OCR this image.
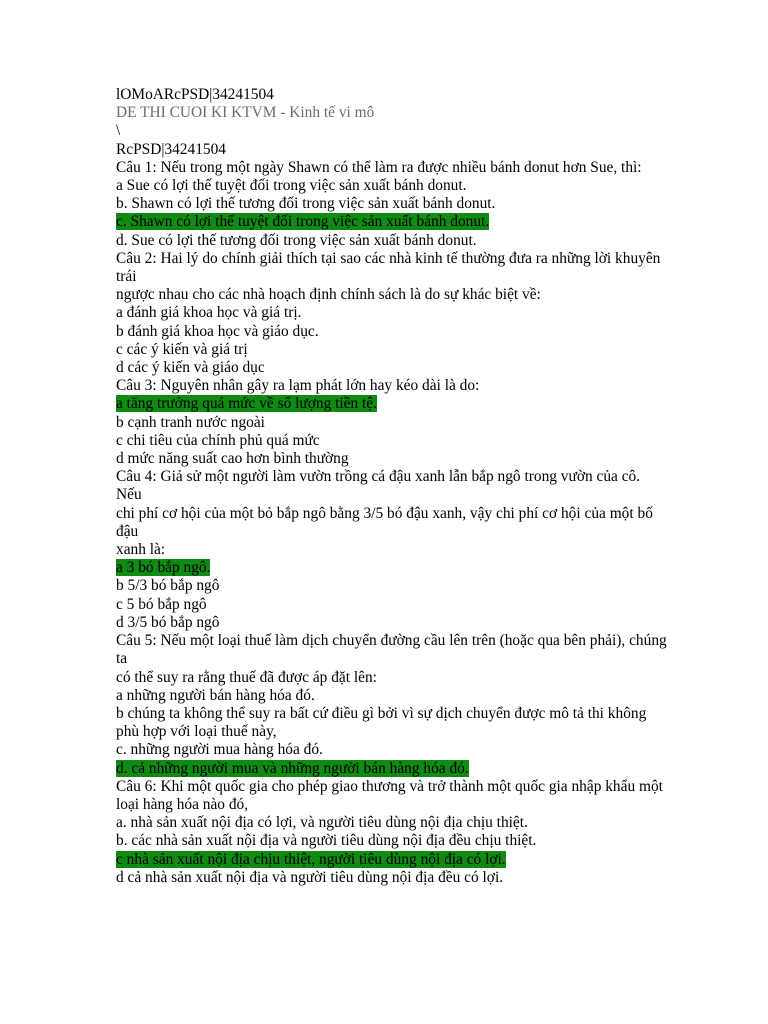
lOMoARcPSD|34241504
DE THI CUOI KI KTVM - Kinh tế vi mô
\
RcPSD|34241504
Câu 1: Nếu trong một ngày Shawn có thể làm ra được nhiều bánh donut hơn Sue, thì:
a Sue có lợi thế tuyệt đối trong việc sản xuất bánh donut.
b. Shawn có lợi thế tương đối trong việc sản xuất bánh donut.
c. Shawn có lợi thế tuyệt đối trong việc sản xuất bánh donut.
d. Sue có lợi thế tương đối trong việc sản xuất bánh donut.
Câu 2: Hai lý do chính giải thích tại sao các nhà kinh tế thường đưa ra những lời khuyên trái
ngược nhau cho các nhà hoạch định chính sách là do sự khác biệt về:
a đánh giá khoa học và giá trị.
b đánh giá khoa học và giáo dục.
c các ý kiến và giá trị
d các ý kiến và giáo dục
Câu 3: Nguyên nhân gây ra lạm phát lớn hay kéo dài là do:
a tăng trưởng quá mức về số lượng tiền tệ.
b cạnh tranh nước ngoài
c chi tiêu của chính phủ quá mức
d mức năng suất cao hơn bình thường
Câu 4: Giả sử một người làm vườn trồng cá đậu xanh lẫn bắp ngô trong vườn của cô. Nếu
chi phí cơ hội của một bỏ bắp ngô bằng 3/5 bó đậu xanh, vậy chi phí cơ hội của một bố đậu
xanh là:
a 3 bó bắp ngô.
b 5/3 bó bắp ngô
c 5 bó bắp ngô
d 3/5 bó bắp ngô
Câu 5: Nếu một loại thuế làm dịch chuyển đường cầu lên trên (hoặc qua bên phải), chúng ta
có thể suy ra rằng thuế đã được áp đặt lên:
a những người bán hàng hóa đó.
b chúng ta không thể suy ra bất cứ điều gì bởi vì sự dịch chuyển được mô tả thi không phù hợp với loại thuế này,
c. những người mua hàng hóa đó.
d. cả những người mua và những người bán hàng hóa đó.
Câu 6: Khi một quốc gia cho phép giao thương và trở thành một quốc gia nhập khẩu một
loại hàng hóa nào đó,
a. nhà sản xuất nội địa có lợi, và người tiêu dùng nội địa chịu thiệt.
b. các nhà sản xuất nội địa và người tiêu dùng nội địa đều chịu thiệt.
c nhà sản xuất nội địa chịu thiệt, người tiêu dùng nội địa có lợi.
d cả nhà sản xuất nội địa và người tiêu dùng nội địa đều có lợi.
